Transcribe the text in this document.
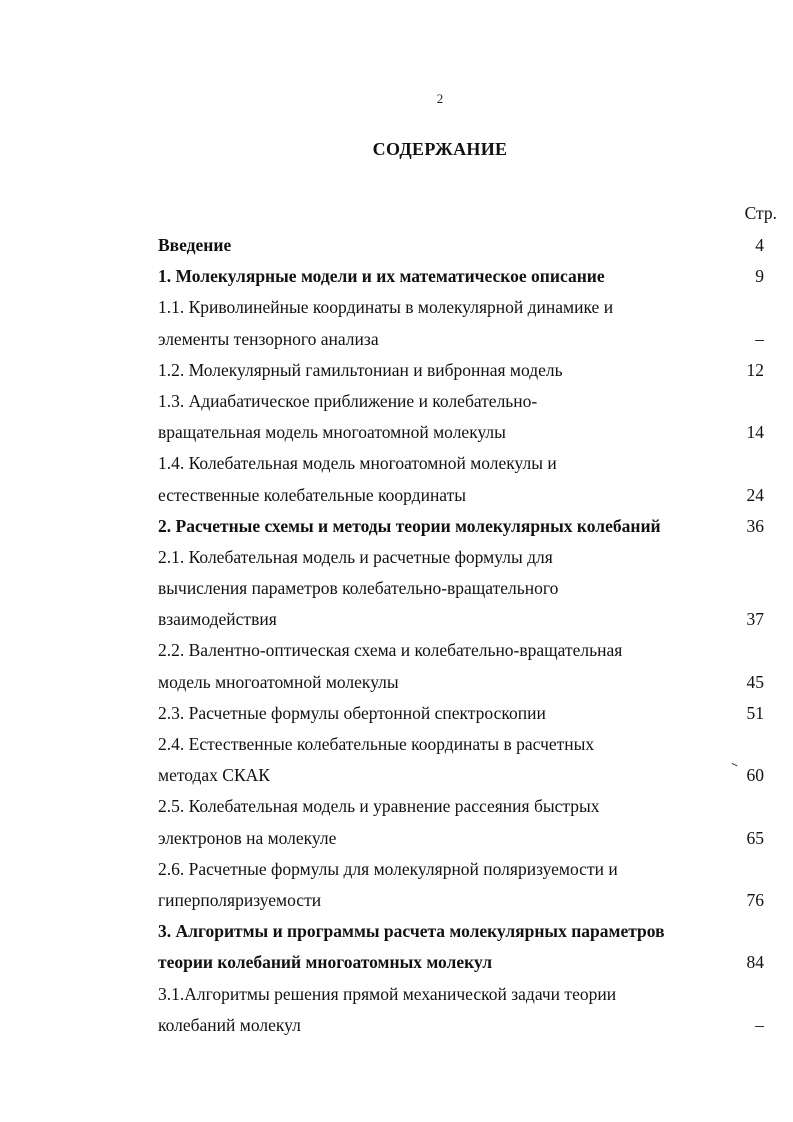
2
СОДЕРЖАНИЕ
Стр.
Введение	4
1. Молекулярные модели и их математическое описание	9
1.1. Криволинейные координаты в молекулярной динамике и
элементы тензорного анализа	–
1.2. Молекулярный гамильтониан и вибронная модель	12
1.3. Адиабатическое приближение и колебательно-
вращательная модель многоатомной молекулы	14
1.4. Колебательная модель многоатомной молекулы и
естественные колебательные координаты	24
2. Расчетные схемы и методы теории молекулярных колебаний	36
2.1. Колебательная модель и расчетные формулы для
вычисления параметров колебательно-вращательного
взаимодействия	37
2.2. Валентно-оптическая схема и колебательно-вращательная
модель многоатомной молекулы	45
2.3. Расчетные формулы обертонной спектроскопии	51
2.4. Естественные колебательные координаты в расчетных
методах СКАК	60
2.5. Колебательная модель и уравнение рассеяния быстрых
электронов на молекуле	65
2.6. Расчетные формулы для молекулярной поляризуемости и
гиперполяризуемости	76
3. Алгоритмы и программы расчета молекулярных параметров
теории колебаний многоатомных молекул	84
3.1.Алгоритмы решения прямой механической задачи теории
колебаний молекул	–
